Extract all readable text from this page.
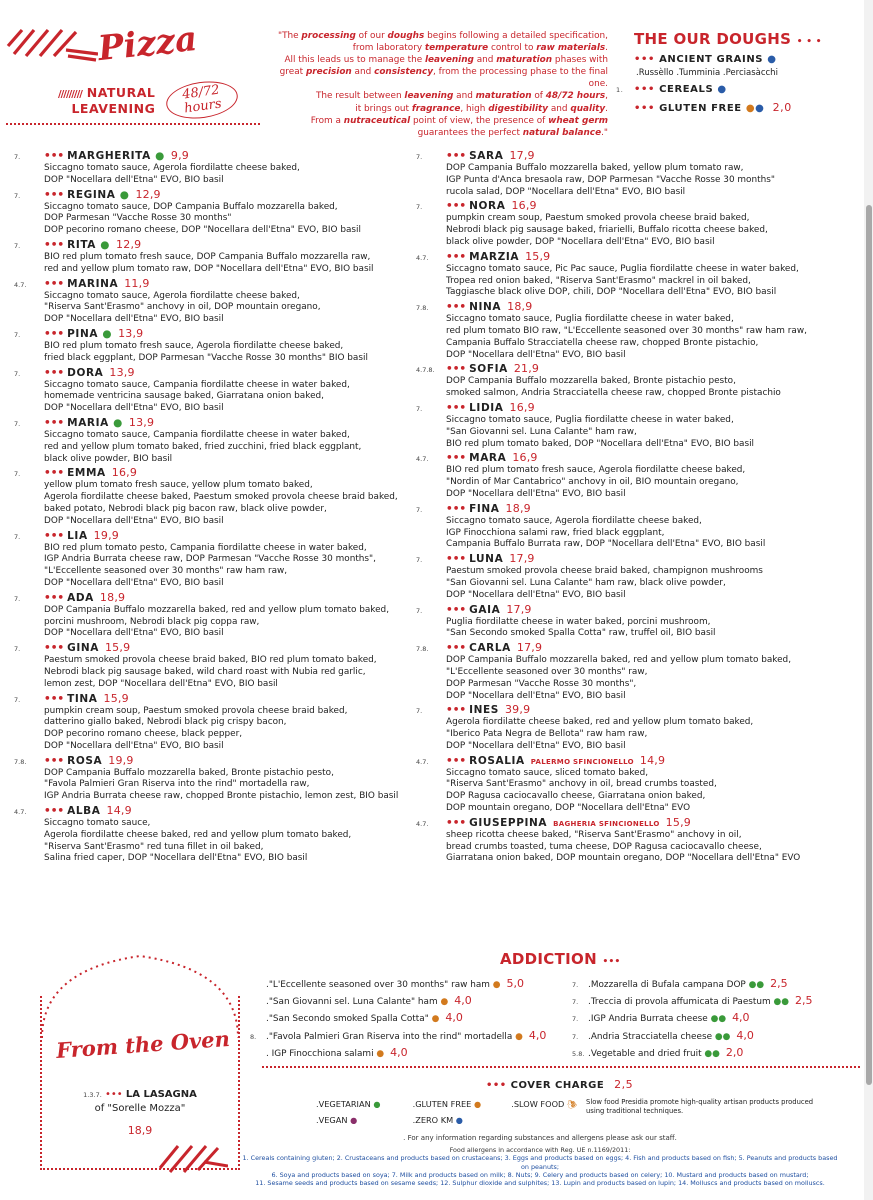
Pizza
///////// NATURAL
LEAVENING
48/72
hours
"The processing of our doughs begins following a detailed specification,
from laboratory temperature control to raw materials.
All this leads us to manage the leavening and maturation phases with
great precision and consistency, from the processing phase to the final one.
The result between leavening and maturation of 48/72 hours,
it brings out fragrance, high digestibility and quality.
From a nutraceutical point of view, the presence of wheat germ
guarantees the perfect natural balance."
THE OUR DOUGHS • • •
••• ANCIENT GRAINS ●
.Russèllo .Tumminia .Perciasàcchi
1. ••• CEREALS ●
••• GLUTEN FREE ●● 2,0
7. ••• MARGHERITA ● 9,9
Siccagno tomato sauce, Agerola fiordilatte cheese baked,
DOP "Nocellara dell'Etna" EVO, BIO basil
7. ••• REGINA ● 12,9
Siccagno tomato sauce, DOP Campania Buffalo mozzarella baked,
DOP Parmesan "Vacche Rosse 30 months"
DOP pecorino romano cheese, DOP "Nocellara dell'Etna" EVO, BIO basil
7. ••• RITA ● 12,9
BIO red plum tomato fresh sauce, DOP Campania Buffalo mozzarella raw,
red and yellow plum tomato raw, DOP "Nocellara dell'Etna" EVO, BIO basil
4.7. ••• MARINA 11,9
Siccagno tomato sauce, Agerola fiordilatte cheese baked,
"Riserva Sant'Erasmo" anchovy in oil, DOP mountain oregano,
DOP "Nocellara dell'Etna" EVO, BIO basil
7. ••• PINA ● 13,9
BIO red plum tomato fresh sauce, Agerola fiordilatte cheese baked,
fried black eggplant, DOP Parmesan "Vacche Rosse 30 months" BIO basil
7. ••• DORA 13,9
Siccagno tomato sauce, Campania fiordilatte cheese in water baked,
homemade ventricina sausage baked, Giarratana onion baked,
DOP "Nocellara dell'Etna" EVO, BIO basil
7. ••• MARIA ● 13,9
Siccagno tomato sauce, Campania fiordilatte cheese in water baked,
red and yellow plum tomato baked, fried zucchini, fried black eggplant,
black olive powder, BIO basil
7. ••• EMMA 16,9
yellow plum tomato fresh sauce, yellow plum tomato baked,
Agerola fiordilatte cheese baked, Paestum smoked provola cheese braid baked,
baked potato, Nebrodi black pig bacon raw, black olive powder,
DOP "Nocellara dell'Etna" EVO, BIO basil
7. ••• LIA 19,9
BIO red plum tomato pesto, Campania fiordilatte cheese in water baked,
IGP Andria Burrata cheese raw, DOP Parmesan "Vacche Rosse 30 months",
"L'Eccellente seasoned over 30 months" raw ham raw,
DOP "Nocellara dell'Etna" EVO, BIO basil
7. ••• ADA 18,9
DOP Campania Buffalo mozzarella baked, red and yellow plum tomato baked,
porcini mushroom, Nebrodi black pig coppa raw,
DOP "Nocellara dell'Etna" EVO, BIO basil
7. ••• GINA 15,9
Paestum smoked provola cheese braid baked, BIO red plum tomato baked,
Nebrodi black pig sausage baked, wild chard roast with Nubia red garlic,
lemon zest, DOP "Nocellara dell'Etna" EVO, BIO basil
7. ••• TINA 15,9
pumpkin cream soup, Paestum smoked provola cheese braid baked,
datterino giallo baked, Nebrodi black pig crispy bacon,
DOP pecorino romano cheese, black pepper,
DOP "Nocellara dell'Etna" EVO, BIO basil
7.8. ••• ROSA 19,9
DOP Campania Buffalo mozzarella baked, Bronte pistachio pesto,
"Favola Palmieri Gran Riserva into the rind" mortadella raw,
IGP Andria Burrata cheese raw, chopped Bronte pistachio, lemon zest, BIO basil
4.7. ••• ALBA 14,9
Siccagno tomato sauce,
Agerola fiordilatte cheese baked, red and yellow plum tomato baked,
"Riserva Sant'Erasmo" red tuna fillet in oil baked,
Salina fried caper, DOP "Nocellara dell'Etna" EVO, BIO basil
7. ••• SARA 17,9
DOP Campania Buffalo mozzarella baked, yellow plum tomato raw,
IGP Punta d'Anca bresaola raw, DOP Parmesan "Vacche Rosse 30 months"
rucola salad, DOP "Nocellara dell'Etna" EVO, BIO basil
7. ••• NORA 16,9
pumpkin cream soup, Paestum smoked provola cheese braid baked,
Nebrodi black pig sausage baked, friarielli, Buffalo ricotta cheese baked,
black olive powder, DOP "Nocellara dell'Etna" EVO, BIO basil
4.7. ••• MARZIA 15,9
Siccagno tomato sauce, Pic Pac sauce, Puglia fiordilatte cheese in water baked,
Tropea red onion baked, "Riserva Sant'Erasmo" mackrel in oil baked,
Taggiasche black olive DOP, chili, DOP "Nocellara dell'Etna" EVO, BIO basil
7.8. ••• NINA 18,9
Siccagno tomato sauce, Puglia fiordilatte cheese in water baked,
red plum tomato BIO raw, "L'Eccellente seasoned over 30 months" raw ham raw,
Campania Buffalo Stracciatella cheese raw, chopped Bronte pistachio,
DOP "Nocellara dell'Etna" EVO, BIO basil
4.7.8. ••• SOFIA 21,9
DOP Campania Buffalo mozzarella baked, Bronte pistachio pesto,
smoked salmon, Andria Stracciatella cheese raw, chopped Bronte pistachio
7. ••• LIDIA 16,9
Siccagno tomato sauce, Puglia fiordilatte cheese in water baked,
"San Giovanni sel. Luna Calante" ham raw,
BIO red plum tomato baked, DOP "Nocellara dell'Etna" EVO, BIO basil
4.7. ••• MARA 16,9
BIO red plum tomato fresh sauce, Agerola fiordilatte cheese baked,
"Nordin of Mar Cantabrico" anchovy in oil, BIO mountain oregano,
DOP "Nocellara dell'Etna" EVO, BIO basil
7. ••• FINA 18,9
Siccagno tomato sauce, Agerola fiordilatte cheese baked,
IGP Finocchiona salami raw, fried black eggplant,
Campania Buffalo Burrata raw, DOP "Nocellara dell'Etna" EVO, BIO basil
7. ••• LUNA 17,9
Paestum smoked provola cheese braid baked, champignon mushrooms
"San Giovanni sel. Luna Calante" ham raw, black olive powder,
DOP "Nocellara dell'Etna" EVO, BIO basil
7. ••• GAIA 17,9
Puglia fiordilatte cheese in water baked, porcini mushroom,
"San Secondo smoked Spalla Cotta" raw, truffel oil, BIO basil
7.8. ••• CARLA 17,9
DOP Campania Buffalo mozzarella baked, red and yellow plum tomato baked,
"L'Eccellente seasoned over 30 months" raw,
DOP Parmesan "Vacche Rosse 30 months",
DOP "Nocellara dell'Etna" EVO, BIO basil
7. ••• INES 39,9
Agerola fiordilatte cheese baked, red and yellow plum tomato baked,
"Iberico Pata Negra de Bellota" raw ham raw,
DOP "Nocellara dell'Etna" EVO, BIO basil
4.7. ••• ROSALIA PALERMO SFINCIONELLO 14,9
Siccagno tomato sauce, sliced tomato baked,
"Riserva Sant'Erasmo" anchovy in oil, bread crumbs toasted,
DOP Ragusa caciocavallo cheese, Giarratana onion baked,
DOP mountain oregano, DOP "Nocellara dell'Etna" EVO
4.7. ••• GIUSEPPINA BAGHERIA SFINCIONELLO 15,9
sheep ricotta cheese baked, "Riserva Sant'Erasmo" anchovy in oil,
bread crumbs toasted, tuma cheese, DOP Ragusa caciocavallo cheese,
Giarratana onion baked, DOP mountain oregano, DOP "Nocellara dell'Etna" EVO
From the Oven
1.3.7. ••• LA LASAGNA
of "Sorelle Mozza"
18,9
ADDICTION •••
."L'Eccellente seasoned over 30 months" raw ham ● 5,0
."San Giovanni sel. Luna Calante" ham ● 4,0
."San Secondo smoked Spalla Cotta" ● 4,0
8. ."Favola Palmieri Gran Riserva into the rind" mortadella ● 4,0
. IGP Finocchiona salami ● 4,0
7. .Mozzarella di Bufala campana DOP ●● 2,5
7. .Treccia di provola affumicata di Paestum ●● 2,5
7. .IGP Andria Burrata cheese ●● 4,0
7. .Andria Stracciatella cheese ●● 4,0
5.8. .Vegetable and dried fruit ●● 2,0
••• COVER CHARGE 2,5
.VEGETARIAN ●	.GLUTEN FREE ●	.SLOW FOOD 🐌︎
.VEGAN ●	.ZERO KM ●
Slow food Presidia promote high-quality artisan products produced using traditional techniques.
. For any information regarding substances and allergens please ask our staff.
Food allergens in accordance with Reg. UE n.1169/2011:
1. Cereals containing gluten; 2. Crustaceans and products based on crustaceans; 3. Eggs and products based on eggs; 4. Fish and products based on fish; 5. Peanuts and products based on peanuts;
6. Soya and products based on soya; 7. Milk and products based on milk; 8. Nuts; 9. Celery and products based on celery; 10. Mustard and products based on mustard;
11. Sesame seeds and products based on sesame seeds; 12. Sulphur dioxide and sulphites; 13. Lupin and products based on lupin; 14. Molluscs and products based on molluscs.
